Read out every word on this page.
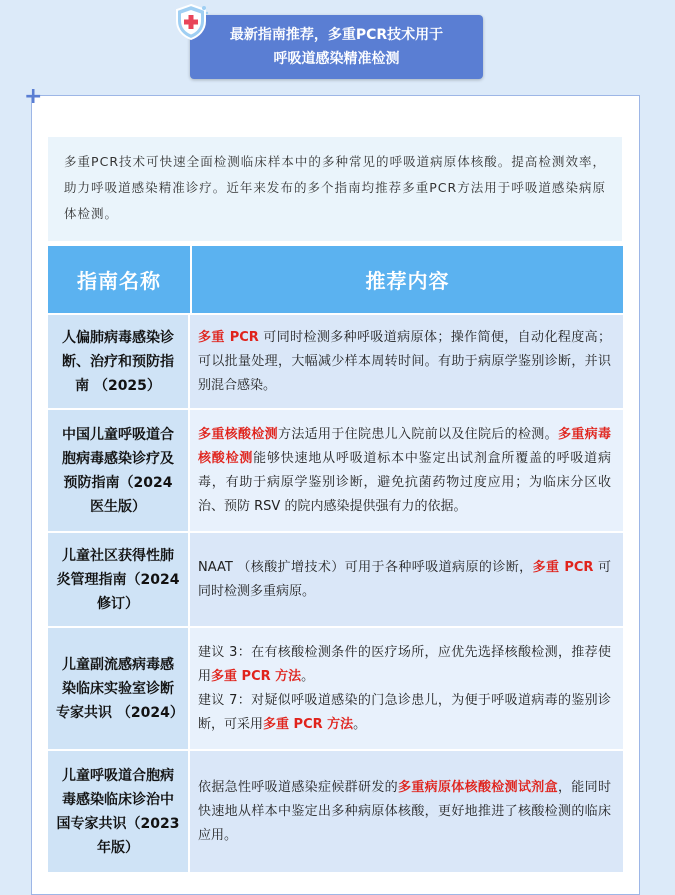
最新指南推荐，多重PCR技术用于
呼吸道感染精准检测
+
多重PCR技术可快速全面检测临床样本中的多种常见的呼吸道病原体核酸。提高检测效率，助力呼吸道感染精准诊疗。近年来发布的多个指南均推荐多重PCR方法用于呼吸道感染病原体检测。
指南名称	推荐内容
人偏肺病毒感染诊断、治疗和预防指南 （2025）
多重 PCR 可同时检测多种呼吸道病原体；操作简便，自动化程度高；可以批量处理，大幅减少样本周转时间。有助于病原学鉴别诊断，并识别混合感染。
中国儿童呼吸道合胞病毒感染诊疗及预防指南（2024 医生版）
多重核酸检测方法适用于住院患儿入院前以及住院后的检测。多重病毒核酸检测能够快速地从呼吸道标本中鉴定出试剂盒所覆盖的呼吸道病毒，有助于病原学鉴别诊断，避免抗菌药物过度应用；为临床分区收治、预防 RSV 的院内感染提供强有力的依据。
儿童社区获得性肺炎管理指南（2024 修订）
NAAT （核酸扩增技术）可用于各种呼吸道病原的诊断，多重 PCR 可同时检测多重病原。
儿童副流感病毒感染临床实验室诊断专家共识 （2024）
建议 3：在有核酸检测条件的医疗场所，应优先选择核酸检测，推荐使用多重 PCR 方法。
建议 7：对疑似呼吸道感染的门急诊患儿，为便于呼吸道病毒的鉴别诊断，可采用多重 PCR 方法。
儿童呼吸道合胞病毒感染临床诊治中国专家共识（2023 年版）
依据急性呼吸道感染症候群研发的多重病原体核酸检测试剂盒，能同时快速地从样本中鉴定出多种病原体核酸，更好地推进了核酸检测的临床应用。
